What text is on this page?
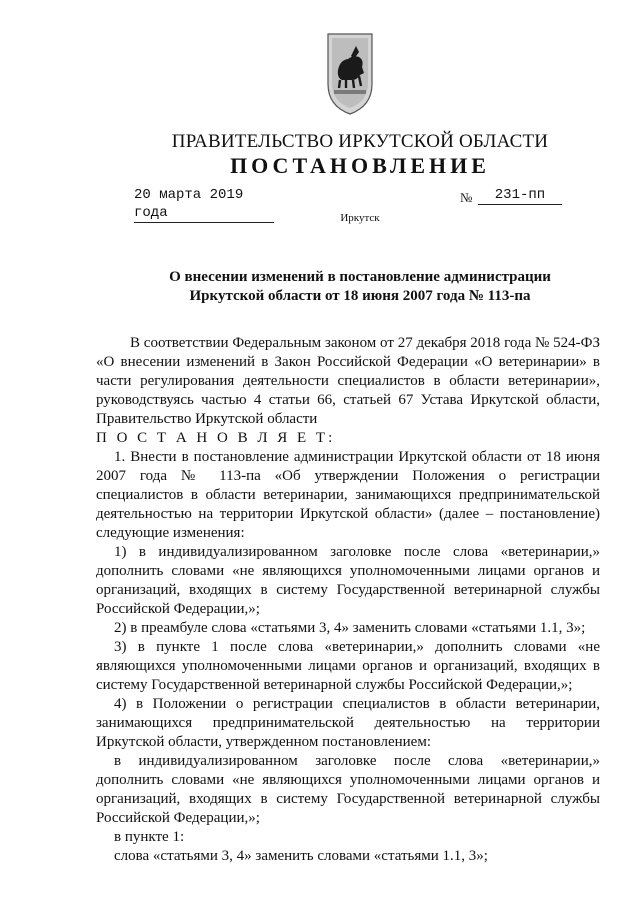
ПРАВИТЕЛЬСТВО ИРКУТСКОЙ ОБЛАСТИ
ПОСТАНОВЛЕНИЕ
20 марта 2019 года
№	231-пп
Иркутск
О внесении изменений в постановление администрации
Иркутской области от 18 июня 2007 года № 113-па

В соответствии Федеральным законом от 27 декабря 2018 года № 524-ФЗ «О внесении изменений в Закон Российской Федерации «О ветеринарии» в части регулирования деятельности специалистов в области ветеринарии», руководствуясь частью 4 статьи 66, статьей 67 Устава Иркутской области, Правительство Иркутской области

П О С Т А Н О В Л Я Е Т:

1. Внести в постановление администрации Иркутской области от 18 июня 2007 года № 113-па «Об утверждении Положения о регистрации специалистов в области ветеринарии, занимающихся предпринимательской деятельностью на территории Иркутской области» (далее – постановление) следующие изменения:

1) в индивидуализированном заголовке после слова «ветеринарии,» дополнить словами «не являющихся уполномоченными лицами органов и организаций, входящих в систему Государственной ветеринарной службы Российской Федерации,»;

2) в преамбуле слова «статьями 3, 4» заменить словами «статьями 1.1, 3»;

3) в пункте 1 после слова «ветеринарии,» дополнить словами «не являющихся уполномоченными лицами органов и организаций, входящих в систему Государственной ветеринарной службы Российской Федерации,»;

4) в Положении о регистрации специалистов в области ветеринарии, занимающихся предпринимательской деятельностью на территории Иркутской области, утвержденном постановлением:

в индивидуализированном заголовке после слова «ветеринарии,» дополнить словами «не являющихся уполномоченными лицами органов и организаций, входящих в систему Государственной ветеринарной службы Российской Федерации,»;

в пункте 1:

слова «статьями 3, 4» заменить словами «статьями 1.1, 3»;
